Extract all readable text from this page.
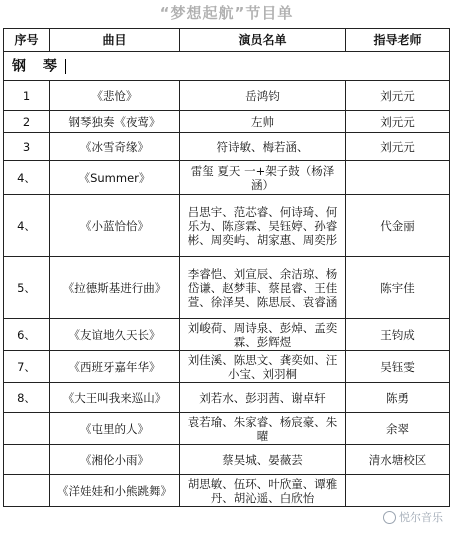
“梦想起航”节目单
序号	曲目	演员名单	指导老师
钢 琴			
1	《悲怆》	岳鸿钧	刘元元
2	钢琴独奏《夜莺》	左帅	刘元元
3	《冰雪奇缘》	符诗敏、梅若涵、	刘元元
4、	《Summer》	雷玺 夏天 一+架子鼓（杨泽涵）	
4、	《小蓝恰恰》	吕思宇、范芯睿、何诗琦、何乐为、陈彦霖、吴钰婷、孙睿彬、周奕屿、胡家惠、周奕彤	代金丽
5、	《拉德斯基进行曲》	李睿恺、刘宣辰、余洁琼、杨岱谦、赵梦菲、蔡昆睿、王佳萱、徐泽昊、陈思辰、袁睿涵	陈宇佳
6、	《友谊地久天长》	刘峻荷、周诗泉、彭焯、孟奕霖、彭辉煜	王钧成
7、	《西班牙嘉年华》	刘佳溪、陈思文、龚奕如、汪小宝、刘羽桐	吴钰雯
8、	《大王叫我来巡山》	刘若水、彭羽茜、谢卓轩	陈勇
	《屯里的人》	袁若瑜、朱家睿、杨宸豪、朱曜	余翠
	《湘伦小雨》	蔡昊城、晏薇芸	清水塘校区
	《洋娃娃和小熊跳舞》	胡思敏、伍环、叶欣童、谭雅丹、胡沁遥、白欣怡	
悦尔音乐
